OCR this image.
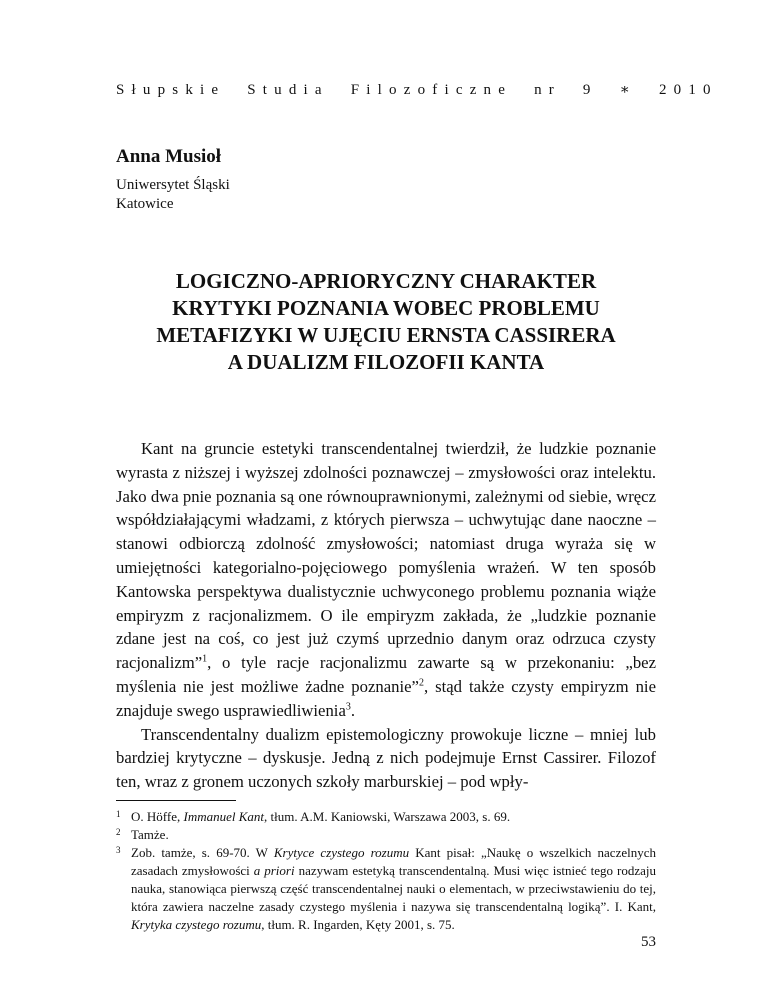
Słupskie Studia Filozoficzne nr 9 ∗ 2010

Anna Musioł

Uniwersytet Śląski

Katowice

LOGICZNO-APRIORYCZNY CHARAKTER
KRYTYKI POZNANIA WOBEC PROBLEMU
METAFIZYKI W UJĘCIU ERNSTA CASSIRERA
A DUALIZM FILOZOFII KANTA

Kant na gruncie estetyki transcendentalnej twierdził, że ludzkie poznanie wyrasta z niższej i wyższej zdolności poznawczej – zmysłowości oraz intelektu. Jako dwa pnie poznania są one równouprawnionymi, zależnymi od siebie, wręcz współdziałającymi władzami, z których pierwsza – uchwytując dane naoczne – stanowi odbiorczą zdolność zmysłowości; natomiast druga wyraża się w umiejętności kategorialno-pojęciowego pomyślenia wrażeń. W ten sposób Kantowska perspektywa dualistycznie uchwyconego problemu poznania wiąże empiryzm z racjonalizmem. O ile empiryzm zakłada, że „ludzkie poznanie zdane jest na coś, co jest już czymś uprzednio danym oraz odrzuca czysty racjonalizm”$^1$, o tyle racje racjonalizmu zawarte są w przekonaniu: „bez myślenia nie jest możliwe żadne poznanie”$^2$, stąd także czysty empiryzm nie znajduje swego usprawiedliwienia$^3$.

Transcendentalny dualizm epistemologiczny prowokuje liczne – mniej lub bardziej krytyczne – dyskusje. Jedną z nich podejmuje Ernst Cassirer. Filozof ten, wraz z gronem uczonych szkoły marburskiej – pod wpły-

1 O. Höffe, Immanuel Kant, tłum. A.M. Kaniowski, Warszawa 2003, s. 69.

2 Tamże.

3 Zob. tamże, s. 69-70. W Krytyce czystego rozumu Kant pisał: „Naukę o wszelkich naczelnych zasadach zmysłowości a priori nazywam estetyką transcendentalną. Musi więc istnieć tego rodzaju nauka, stanowiąca pierwszą część transcendentalnej nauki o elementach, w przeciwstawieniu do tej, która zawiera naczelne zasady czystego myślenia i nazywa się transcendentalną logiką”. I. Kant, Krytyka czystego rozumu, tłum. R. Ingarden, Kęty 2001, s. 75.

53
